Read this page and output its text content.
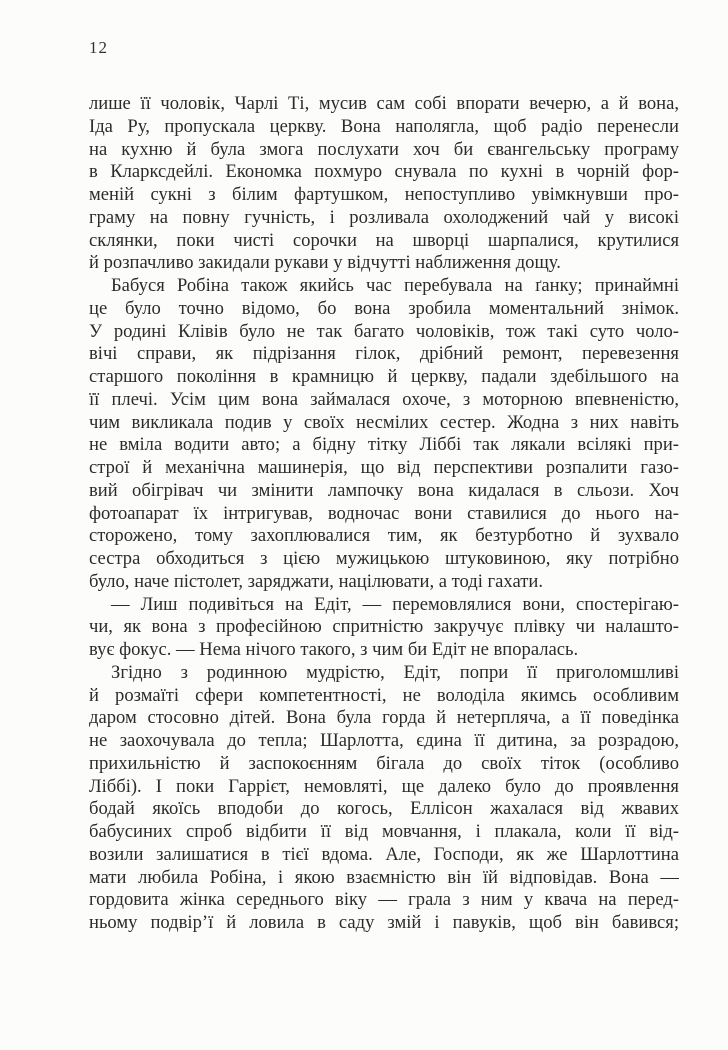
12
лише її чоловік, Чарлі Ті, мусив сам собі впорати вечерю, а й вона,
Іда Ру, пропускала церкву. Вона наполягла, щоб радіо перенесли
на кухню й була змога послухати хоч би євангельську програму
в Кларксдейлі. Економка похмуро снувала по кухні в чорній фор-
меній сукні з білим фартушком, непоступливо увімкнувши про-
граму на повну гучність, і розливала охолоджений чай у високі
склянки, поки чисті сорочки на шворці шарпалися, крутилися
й розпачливо закидали рукави у відчутті наближення дощу.
Бабуся Робіна також якийсь час перебувала на ґанку; принаймні
це було точно відомо, бо вона зробила моментальний знімок.
У родині Клівів було не так багато чоловіків, тож такі суто чоло-
вічі справи, як підрізання гілок, дрібний ремонт, перевезення
старшого покоління в крамницю й церкву, падали здебільшого на
її плечі. Усім цим вона займалася охоче, з моторною впевненістю,
чим викликала подив у своїх несмілих сестер. Жодна з них навіть
не вміла водити авто; а бідну тітку Ліббі так лякали всілякі при-
строї й механічна машинерія, що від перспективи розпалити газо-
вий обігрівач чи змінити лампочку вона кидалася в сльози. Хоч
фотоапарат їх інтригував, водночас вони ставилися до нього на-
сторожено, тому захоплювалися тим, як безтурботно й зухвало
сестра обходиться з цією мужицькою штуковиною, яку потрібно
було, наче пістолет, заряджати, націлювати, а тоді гахати.
— Лиш подивіться на Едіт, — перемовлялися вони, спостерігаю-
чи, як вона з професійною спритністю закручує плівку чи налашто-
вує фокус. — Нема нічого такого, з чим би Едіт не впоралась.
Згідно з родинною мудрістю, Едіт, попри її приголомшливі
й розмаїті сфери компетентності, не володіла якимсь особливим
даром стосовно дітей. Вона була горда й нетерпляча, а її поведінка
не заохочувала до тепла; Шарлотта, єдина її дитина, за розрадою,
прихильністю й заспокоєнням бігала до своїх тіток (особливо
Ліббі). І поки Гаррієт, немовляті, ще далеко було до проявлення
бодай якоїсь вподоби до когось, Еллісон жахалася від жвавих
бабусиних спроб відбити її від мовчання, і плакала, коли її від-
возили залишатися в тієї вдома. Але, Господи, як же Шарлоттина
мати любила Робіна, і якою взаємністю він їй відповідав. Вона —
гордовита жінка середнього віку — грала з ним у квача на перед-
ньому подвір’ї й ловила в саду змій і павуків, щоб він бавився;
